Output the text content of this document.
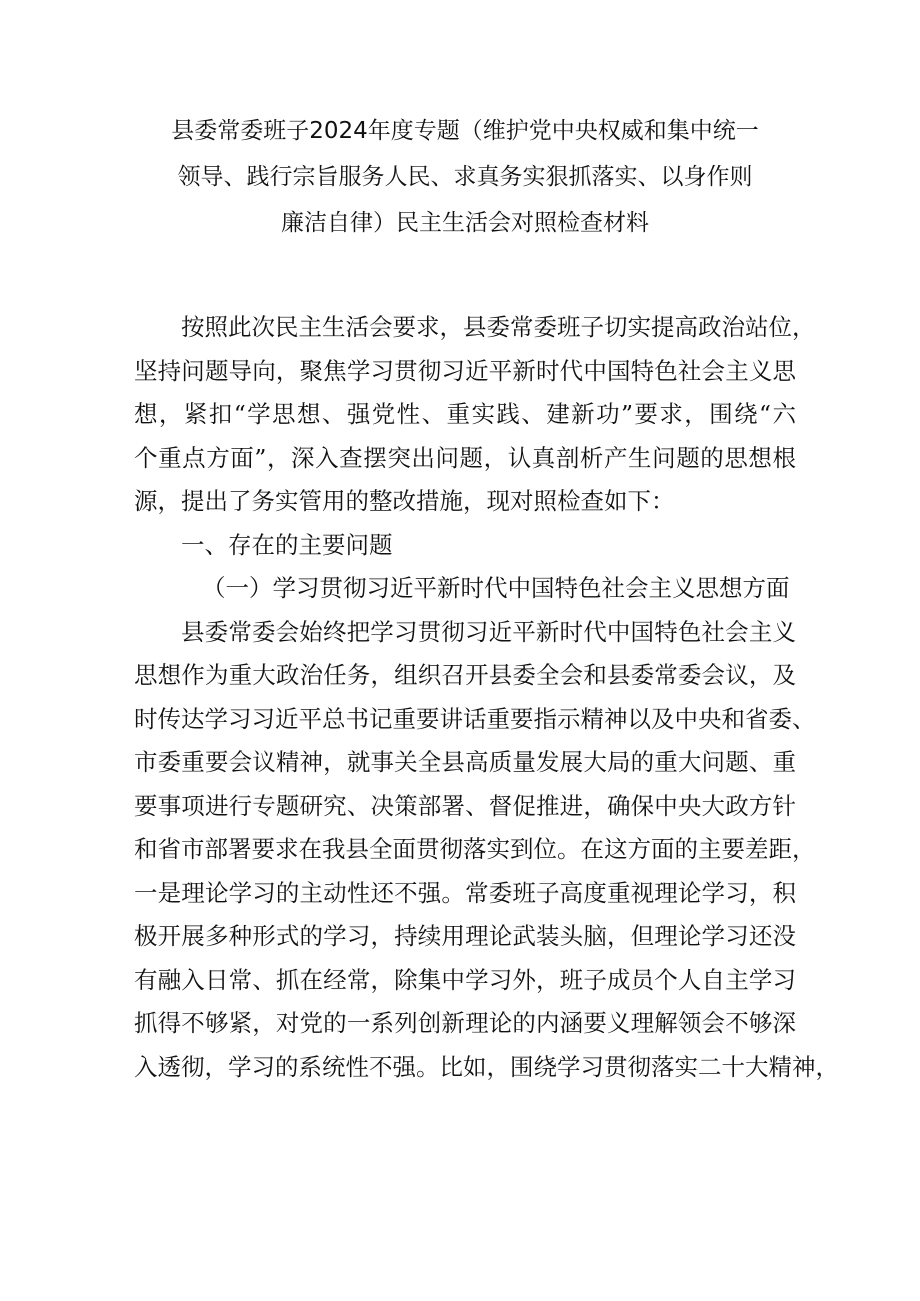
县委常委班子2024年度专题（维护党中央权威和集中统一
领导、践行宗旨服务人民、求真务实狠抓落实、以身作则
廉洁自律）民主生活会对照检查材料
按照此次民主生活会要求，县委常委班子切实提高政治站位，
坚持问题导向，聚焦学习贯彻习近平新时代中国特色社会主义思
想，紧扣“学思想、强党性、重实践、建新功”要求，围绕“六
个重点方面”，深入查摆突出问题，认真剖析产生问题的思想根
源，提出了务实管用的整改措施，现对照检查如下：
一、存在的主要问题
（一）学习贯彻习近平新时代中国特色社会主义思想方面
县委常委会始终把学习贯彻习近平新时代中国特色社会主义
思想作为重大政治任务，组织召开县委全会和县委常委会议，及
时传达学习习近平总书记重要讲话重要指示精神以及中央和省委、
市委重要会议精神，就事关全县高质量发展大局的重大问题、重
要事项进行专题研究、决策部署、督促推进，确保中央大政方针
和省市部署要求在我县全面贯彻落实到位。在这方面的主要差距，
一是理论学习的主动性还不强。常委班子高度重视理论学习，积
极开展多种形式的学习，持续用理论武装头脑，但理论学习还没
有融入日常、抓在经常，除集中学习外，班子成员个人自主学习
抓得不够紧，对党的一系列创新理论的内涵要义理解领会不够深
入透彻，学习的系统性不强。比如，围绕学习贯彻落实二十大精神，
